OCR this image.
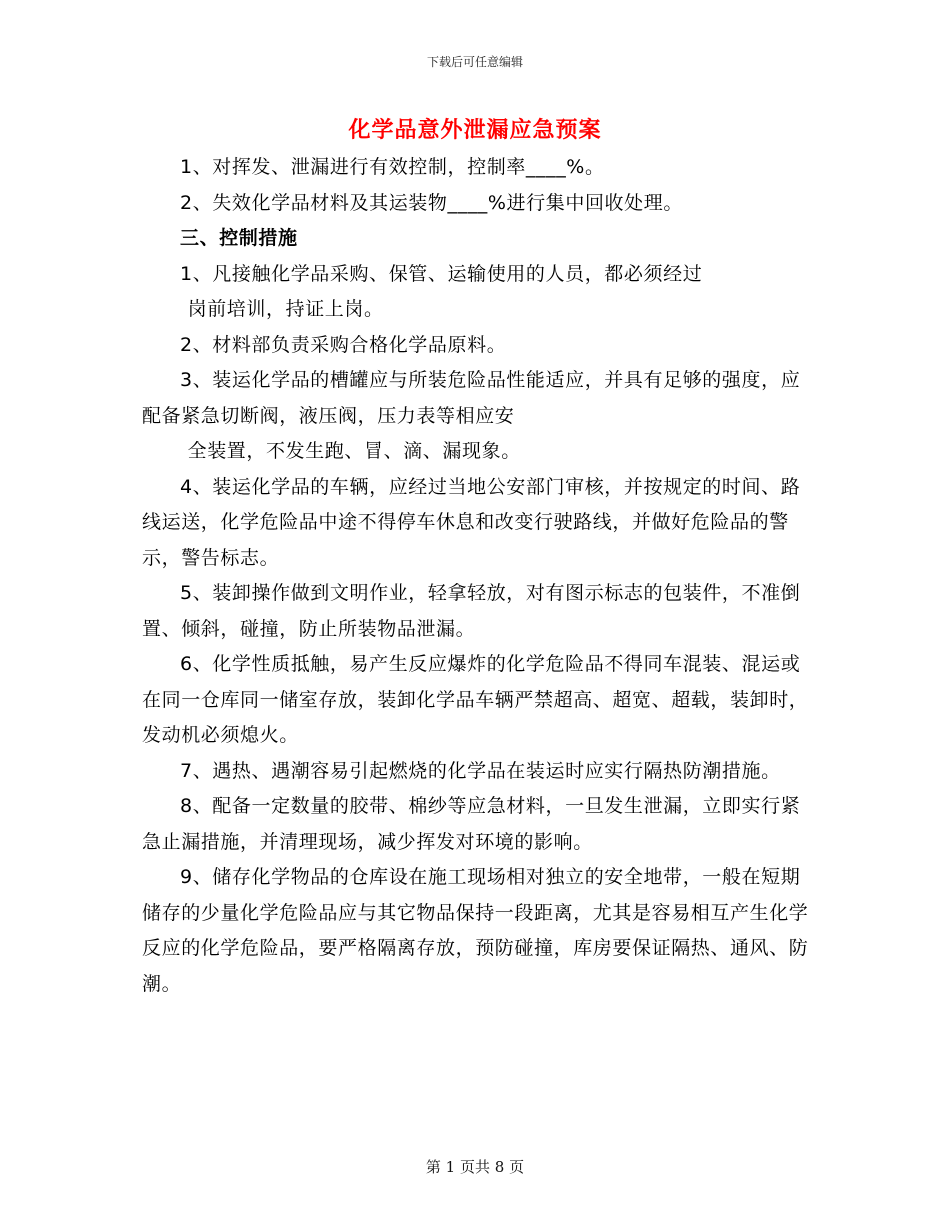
下载后可任意编辑
化学品意外泄漏应急预案

1、对挥发、泄漏进行有效控制，控制率____%。

2、失效化学品材料及其运装物____%进行集中回收处理。

三、控制措施

1、凡接触化学品采购、保管、运输使用的人员，都必须经过

岗前培训，持证上岗。

2、材料部负责采购合格化学品原料。

3、装运化学品的槽罐应与所装危险品性能适应，并具有足够的强度，应配备紧急切断阀，液压阀，压力表等相应安

全装置，不发生跑、冒、滴、漏现象。

4、装运化学品的车辆，应经过当地公安部门审核，并按规定的时间、路线运送，化学危险品中途不得停车休息和改变行驶路线，并做好危险品的警示，警告标志。

5、装卸操作做到文明作业，轻拿轻放，对有图示标志的包装件，不准倒置、倾斜，碰撞，防止所装物品泄漏。

6、化学性质抵触，易产生反应爆炸的化学危险品不得同车混装、混运或在同一仓库同一储室存放，装卸化学品车辆严禁超高、超宽、超载，装卸时，发动机必须熄火。

7、遇热、遇潮容易引起燃烧的化学品在装运时应实行隔热防潮措施。

8、配备一定数量的胶带、棉纱等应急材料，一旦发生泄漏，立即实行紧急止漏措施，并清理现场，减少挥发对环境的影响。

9、储存化学物品的仓库设在施工现场相对独立的安全地带，一般在短期储存的少量化学危险品应与其它物品保持一段距离，尤其是容易相互产生化学反应的化学危险品，要严格隔离存放，预防碰撞，库房要保证隔热、通风、防潮。

第 1 页共 8 页
